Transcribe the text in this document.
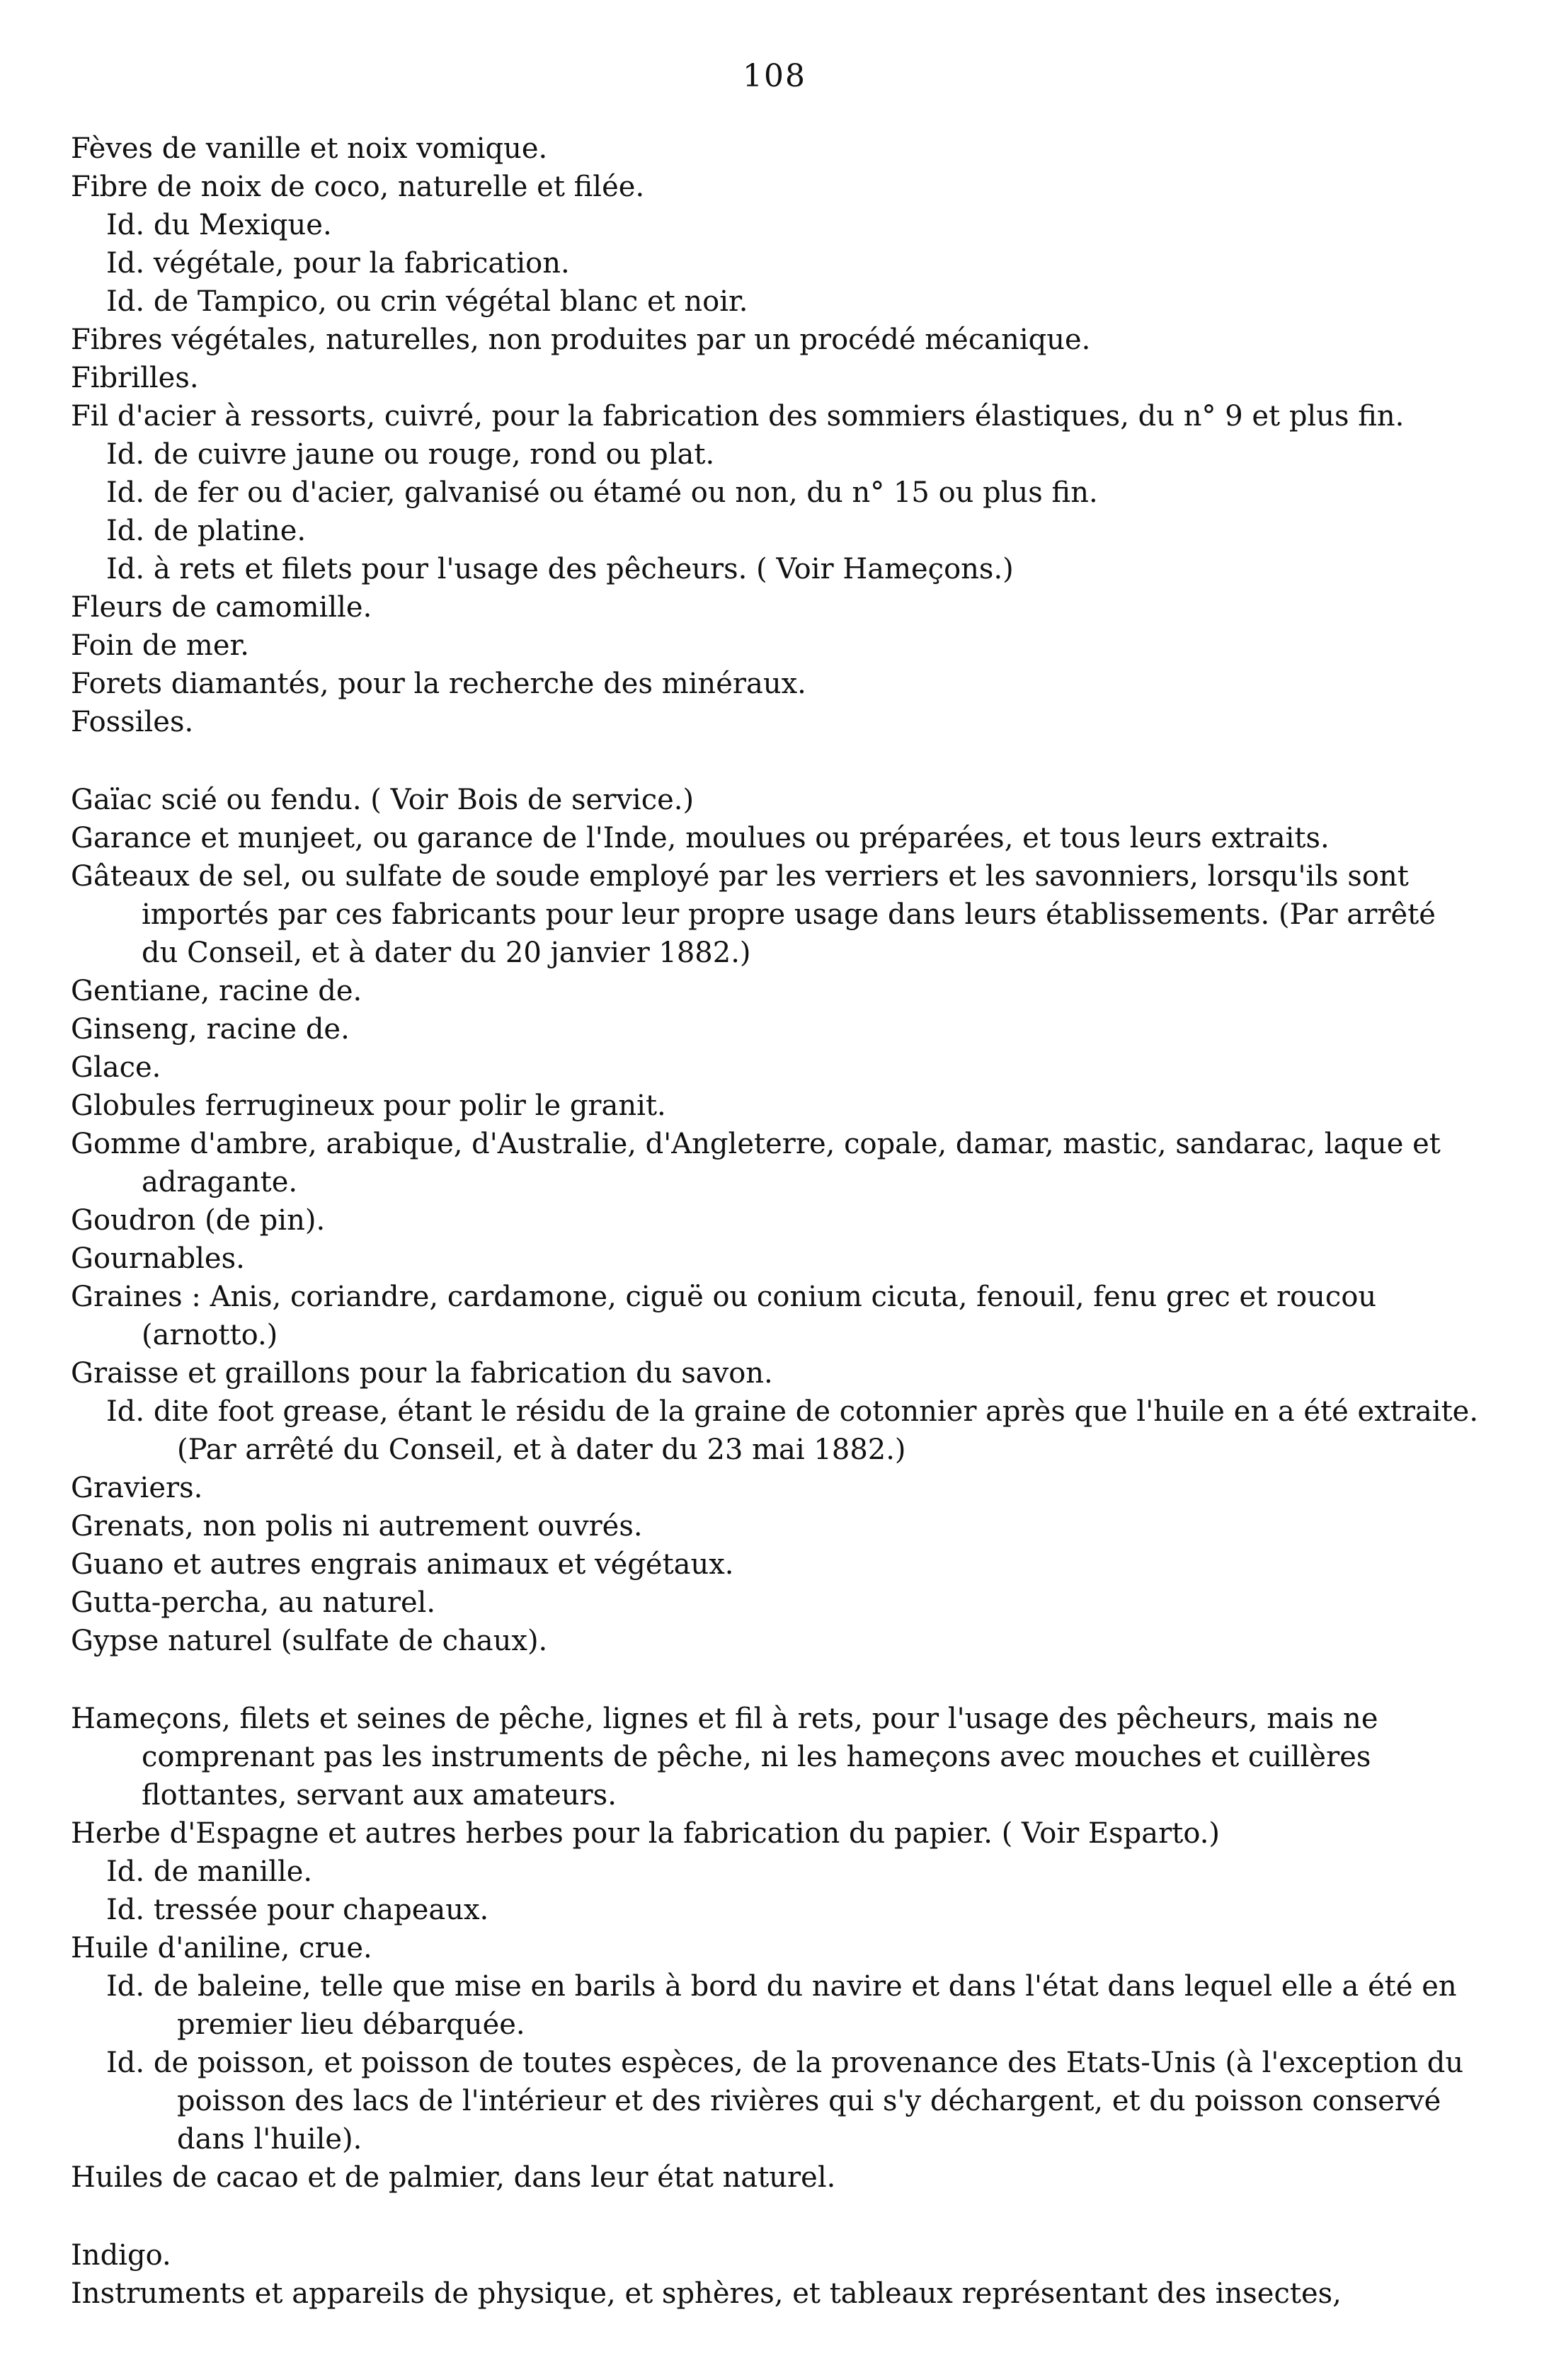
108

Fèves de vanille et noix vomique.

Fibre de noix de coco, naturelle et filée.

Id. du Mexique.

Id. végétale, pour la fabrication.

Id. de Tampico, ou crin végétal blanc et noir.

Fibres végétales, naturelles, non produites par un procédé mécanique.

Fibrilles.

Fil d'acier à ressorts, cuivré, pour la fabrication des sommiers élastiques, du n° 9 et plus fin.

Id. de cuivre jaune ou rouge, rond ou plat.

Id. de fer ou d'acier, galvanisé ou étamé ou non, du n° 15 ou plus fin.

Id. de platine.

Id. à rets et filets pour l'usage des pêcheurs. ( Voir Hameçons.)

Fleurs de camomille.

Foin de mer.

Forets diamantés, pour la recherche des minéraux.

Fossiles.

Gaïac scié ou fendu. ( Voir Bois de service.)

Garance et munjeet, ou garance de l'Inde, moulues ou préparées, et tous leurs extraits.

Gâteaux de sel, ou sulfate de soude employé par les verriers et les savonniers, lorsqu'ils sont importés par ces fabricants pour leur propre usage dans leurs établissements. (Par arrêté du Conseil, et à dater du 20 janvier 1882.)

Gentiane, racine de.

Ginseng, racine de.

Glace.

Globules ferrugineux pour polir le granit.

Gomme d'ambre, arabique, d'Australie, d'Angleterre, copale, damar, mastic, sandarac, laque et adragante.

Goudron (de pin).

Gournables.

Graines : Anis, coriandre, cardamone, ciguë ou conium cicuta, fenouil, fenu grec et roucou (arnotto.)

Graisse et graillons pour la fabrication du savon.

Id. dite foot grease, étant le résidu de la graine de cotonnier après que l'huile en a été extraite. (Par arrêté du Conseil, et à dater du 23 mai 1882.)

Graviers.

Grenats, non polis ni autrement ouvrés.

Guano et autres engrais animaux et végétaux.

Gutta-percha, au naturel.

Gypse naturel (sulfate de chaux).

Hameçons, filets et seines de pêche, lignes et fil à rets, pour l'usage des pêcheurs, mais ne comprenant pas les instruments de pêche, ni les hameçons avec mouches et cuillères flottantes, servant aux amateurs.

Herbe d'Espagne et autres herbes pour la fabrication du papier. ( Voir Esparto.)

Id. de manille.

Id. tressée pour chapeaux.

Huile d'aniline, crue.

Id. de baleine, telle que mise en barils à bord du navire et dans l'état dans lequel elle a été en premier lieu débarquée.

Id. de poisson, et poisson de toutes espèces, de la provenance des Etats-Unis (à l'exception du poisson des lacs de l'intérieur et des rivières qui s'y déchargent, et du poisson conservé dans l'huile).

Huiles de cacao et de palmier, dans leur état naturel.

Indigo.

Instruments et appareils de physique, et sphères, et tableaux représentant des insectes,
